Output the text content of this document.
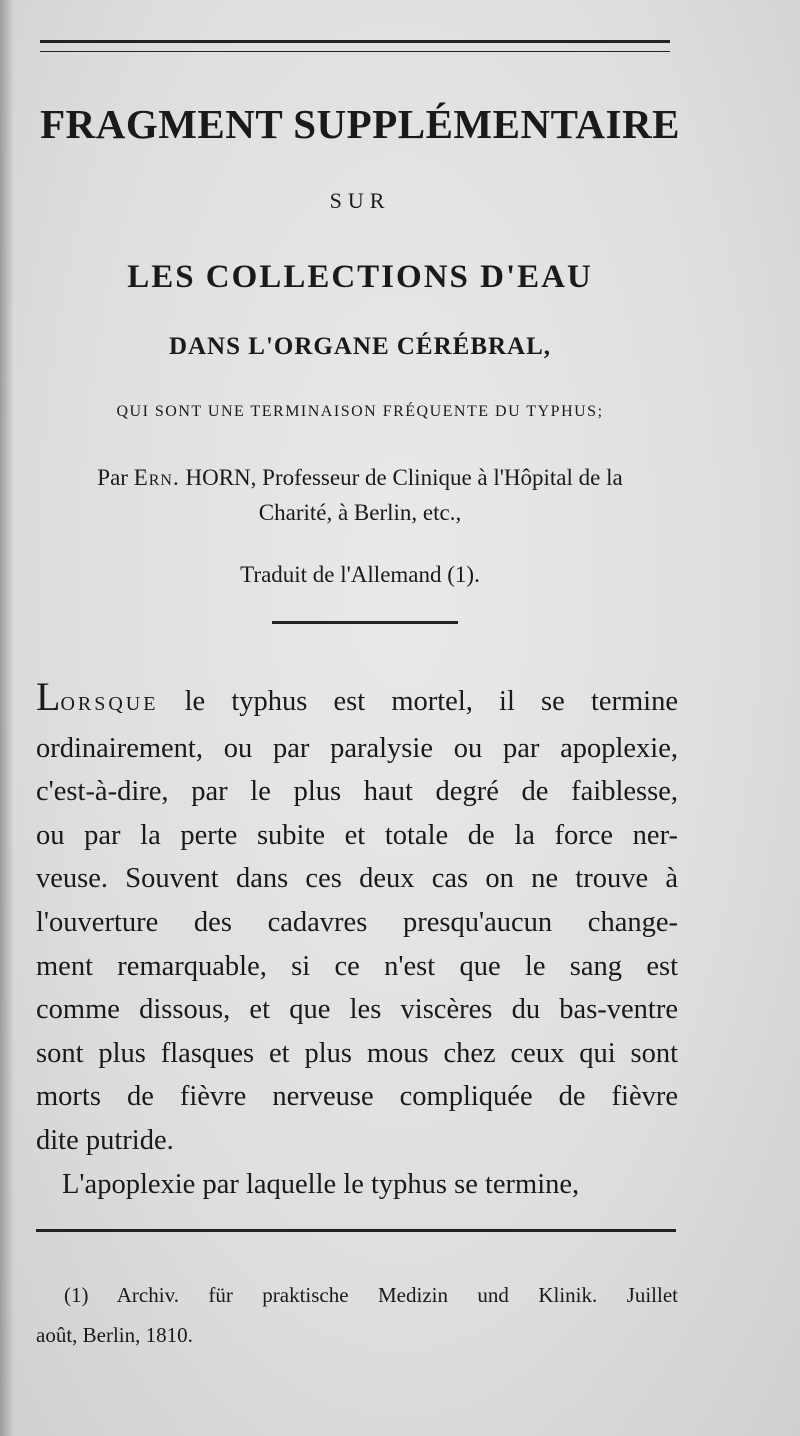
FRAGMENT SUPPLÉMENTAIRE

SUR

LES COLLECTIONS D'EAU
DANS L'ORGANE CÉRÉBRAL,

QUI SONT UNE TERMINAISON FRÉQUENTE DU TYPHUS;

Par Ern. HORN, Professeur de Clinique à l'Hôpital de la
Charité, à Berlin, etc.,

Traduit de l'Allemand (1).

LORSQUE le typhus est mortel, il se termine
ordinairement, ou par paralysie ou par apoplexie,
c'est-à-dire, par le plus haut degré de faiblesse,
ou par la perte subite et totale de la force ner-
veuse. Souvent dans ces deux cas on ne trouve à
l'ouverture des cadavres presqu'aucun change-
ment remarquable, si ce n'est que le sang est
comme dissous, et que les viscères du bas-ventre
sont plus flasques et plus mous chez ceux qui sont
morts de fièvre nerveuse compliquée de fièvre
dite putride.
L'apoplexie par laquelle le typhus se termine,
(1) Archiv. für praktische Medizin und Klinik. Juillet
août, Berlin, 1810.
